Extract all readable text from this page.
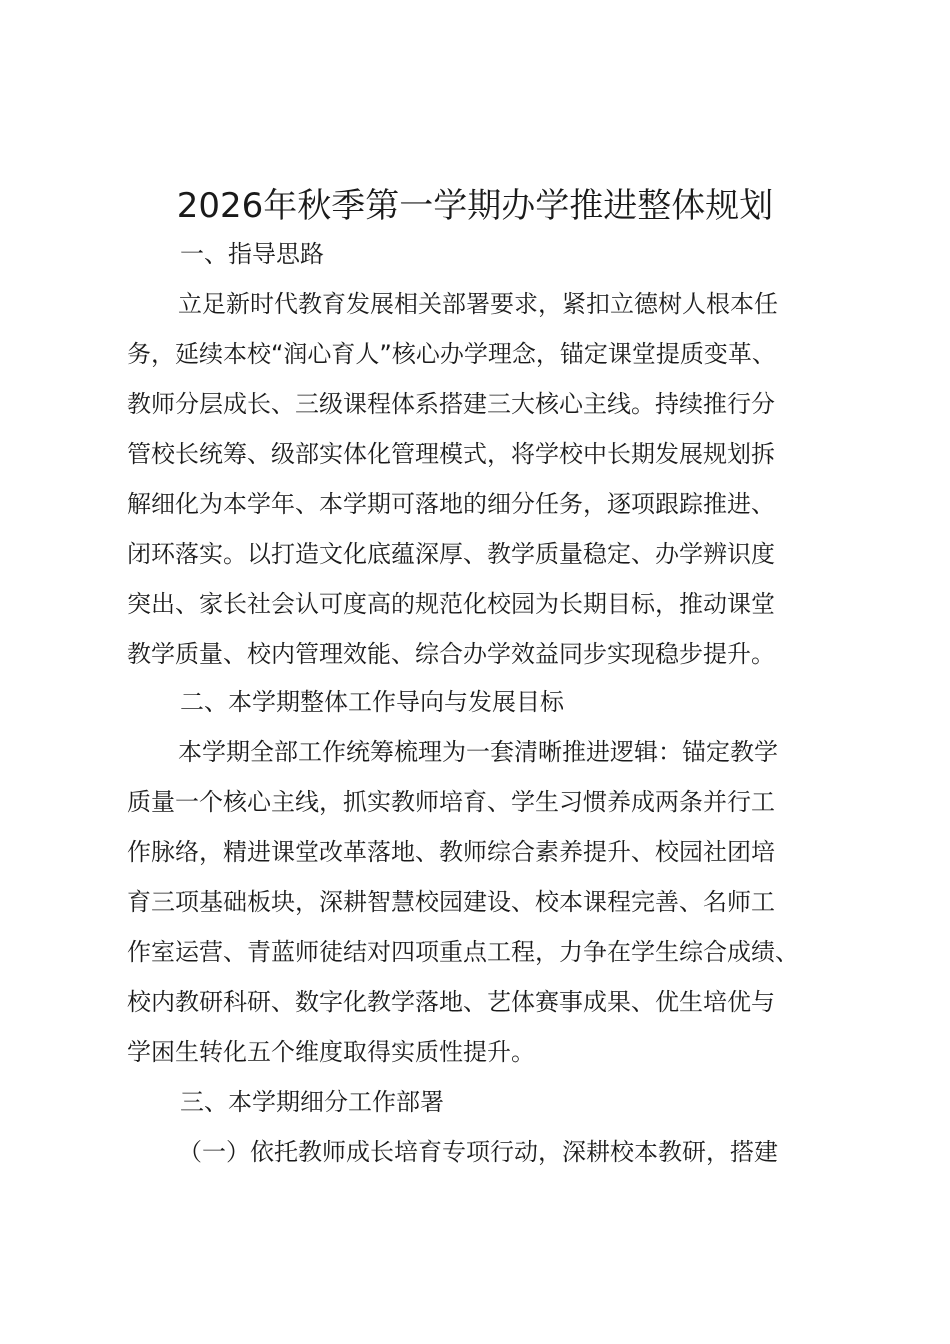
2026年秋季第一学期办学推进整体规划
一、指导思路
立足新时代教育发展相关部署要求，紧扣立德树人根本任
务，延续本校“润心育人”核心办学理念，锚定课堂提质变革、
教师分层成长、三级课程体系搭建三大核心主线。持续推行分
管校长统筹、级部实体化管理模式，将学校中长期发展规划拆
解细化为本学年、本学期可落地的细分任务，逐项跟踪推进、
闭环落实。以打造文化底蕴深厚、教学质量稳定、办学辨识度
突出、家长社会认可度高的规范化校园为长期目标，推动课堂
教学质量、校内管理效能、综合办学效益同步实现稳步提升。
二、本学期整体工作导向与发展目标
本学期全部工作统筹梳理为一套清晰推进逻辑：锚定教学
质量一个核心主线，抓实教师培育、学生习惯养成两条并行工
作脉络，精进课堂改革落地、教师综合素养提升、校园社团培
育三项基础板块，深耕智慧校园建设、校本课程完善、名师工
作室运营、青蓝师徒结对四项重点工程，力争在学生综合成绩、
校内教研科研、数字化教学落地、艺体赛事成果、优生培优与
学困生转化五个维度取得实质性提升。
三、本学期细分工作部署
（一）依托教师成长培育专项行动，深耕校本教研，搭建
